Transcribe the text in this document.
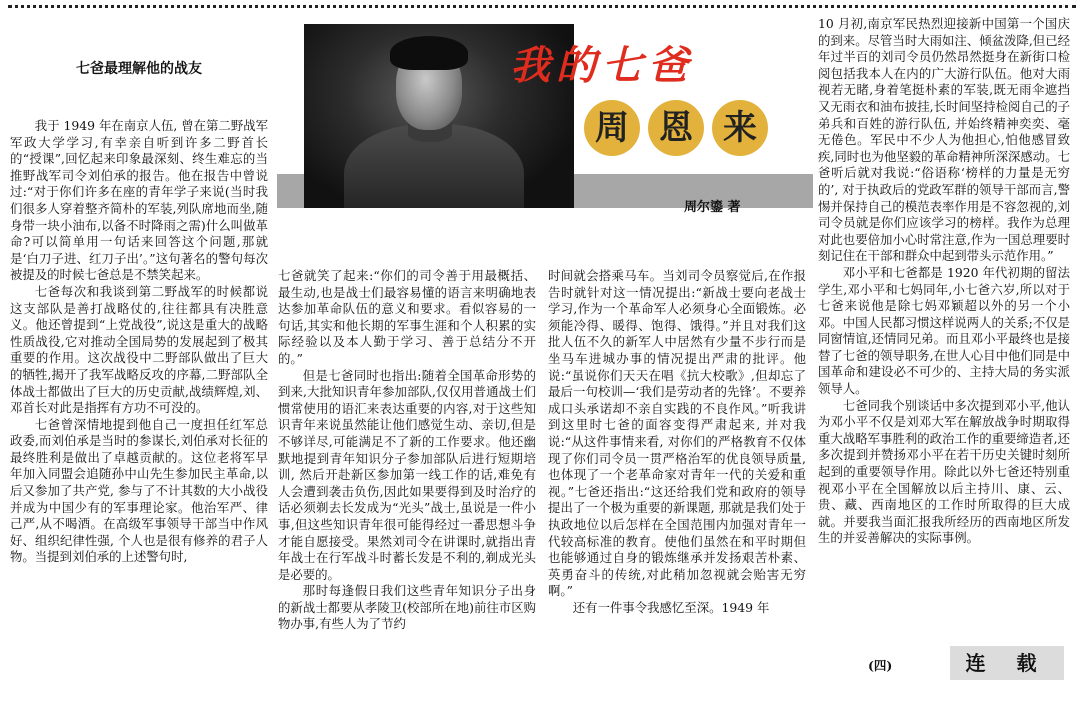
七爸最理解他的战友	我的七爸
周 恩 来
周尔鎏 著

我于 1949 年在南京人伍, 曾在第二野战军军政大学学习,有幸亲自听到许多二野首长的“授课”,回忆起来印象最深刻、终生难忘的当推野战军司令刘伯承的报告。他在报告中曾说过:“对于你们许多在座的青年学子来说(当时我们很多人穿着整齐简朴的军装,列队席地而坐,随身带一块小油布,以备不时降雨之需)什么叫做革命?可以简单用一句话来回答这个问题,那就是‘白刀子进、红刀子出’。”这句著名的警句每次被提及的时候七爸总是不禁笑起来。

七爸每次和我谈到第二野战军的时候都说这支部队是善打战略仗的,往往都具有决胜意义。他还曾提到“上党战役”,说这是重大的战略性质战役,它对推动全国局势的发展起到了极其重要的作用。这次战役中二野部队做出了巨大的牺牲,揭开了我军战略反攻的序幕,二野部队全体战士都做出了巨大的历史贡献,战绩辉煌,刘、邓首长对此是指挥有方功不可没的。

七爸曾深情地提到他自己一度担任红军总政委,而刘伯承是当时的参谋长,刘伯承对长征的最终胜利是做出了卓越贡献的。这位老将军早年加入同盟会追随孙中山先生参加民主革命,以后又参加了共产党, 参与了不计其数的大小战役并成为中国少有的军事理论家。他治军严、律己严,从不喝酒。在高级军事领导干部当中作风好、组织纪律性强, 个人也是很有修养的君子人物。当提到刘伯承的上述警句时,

七爸就笑了起来:“你们的司令善于用最概括、最生动,也是战士们最容易懂的语言来明确地表达参加革命队伍的意义和要求。看似容易的一句话,其实和他长期的军事生涯和个人积累的实际经验以及本人勤于学习、善于总结分不开的。”

但是七爸同时也指出:随着全国革命形势的到来,大批知识青年参加部队,仅仅用普通战士们惯常使用的语汇来表达重要的内容,对于这些知识青年来说虽然能让他们感觉生动、亲切,但是不够详尽,可能满足不了新的工作要求。他还幽默地提到青年知识分子参加部队后进行短期培训, 然后开赴新区参加第一线工作的话,难免有人会遭到袭击负伤,因此如果要得到及时治疗的话必须剃去长发成为“光头”战士,虽说是一件小事,但这些知识青年很可能得经过一番思想斗争才能自愿接受。果然刘司令在讲课时,就指出青年战士在行军战斗时蓄长发是不利的,剃成光头是必要的。

那时每逢假日我们这些青年知识分子出身的新战士都要从孝陵卫(校部所在地)前往市区购物办事,有些人为了节约

时间就会搭乘马车。当刘司令员察觉后,在作报告时就针对这一情况提出:“新战士要向老战士学习,作为一个革命军人必须身心全面锻炼。必须能冷得、暖得、饱得、饿得。”并且对我们这批人伍不久的新军人中居然有少量不步行而是坐马车进城办事的情况提出严肃的批评。他说:“虽说你们天天在唱《抗大校歌》,但却忘了最后一句校训—‘我们是劳动者的先锋’。不要养成口头承诺却不亲自实践的不良作风。”听我讲到这里时七爸的面容变得严肃起来, 并对我说:“从这件事情来看, 对你们的严格教育不仅体现了你们司令员一贯严格治军的优良领导质量, 也体现了一个老革命家对青年一代的关爱和重视。”七爸还指出:“这还给我们党和政府的领导提出了一个极为重要的新课题, 那就是我们处于执政地位以后怎样在全国范围内加强对青年一代较高标准的教育。使他们虽然在和平时期但也能够通过自身的锻炼继承并发扬艰苦朴素、英勇奋斗的传统,对此稍加忽视就会贻害无穷啊。”

还有一件事令我感忆至深。1949 年

10 月初,南京军民热烈迎接新中国第一个国庆的到来。尽管当时大雨如注、倾盆泼降,但已经年过半百的刘司令员仍然昂然挺身在新街口检阅包括我本人在内的广大游行队伍。他对大雨视若无睹,身着笔挺朴素的军装,既无雨伞遮挡又无雨衣和油布披挂,长时间坚持检阅自己的子弟兵和百姓的游行队伍, 并始终精神奕奕、毫无倦色。军民中不少人为他担心,怕他感冒致疾,同时也为他坚毅的革命精神所深深感动。七爸听后就对我说:“俗语称‘榜样的力量是无穷的’, 对于执政后的党政军群的领导干部而言,警惕并保持自己的模范表率作用是不容忽视的,刘司令员就是你们应该学习的榜样。我作为总理对此也要倍加小心时常注意,作为一国总理要时刻记住在干部和群众中起到带头示范作用。”

邓小平和七爸都是 1920 年代初期的留法学生,邓小平和七妈同年,小七爸六岁,所以对于七爸来说他是除七妈邓颖超以外的另一个小邓。中国人民都习惯这样说两人的关系;不仅是同窗情谊,还情同兄弟。而且邓小平最终也是接替了七爸的领导职务,在世人心目中他们同是中国革命和建设必不可少的、主持大局的务实派领导人。

七爸同我个别谈话中多次提到邓小平,他认为邓小平不仅是刘邓大军在解放战争时期取得重大战略军事胜利的政治工作的重要缔造者,还多次提到并赞扬邓小平在若干历史关键时刻所起到的重要领导作用。除此以外七爸还特别重视邓小平在全国解放以后主持川、康、云、贵、藏、西南地区的工作时所取得的巨大成就。并要我当面汇报我所经历的西南地区所发生的并妥善解决的实际事例。

(四)	连 载
